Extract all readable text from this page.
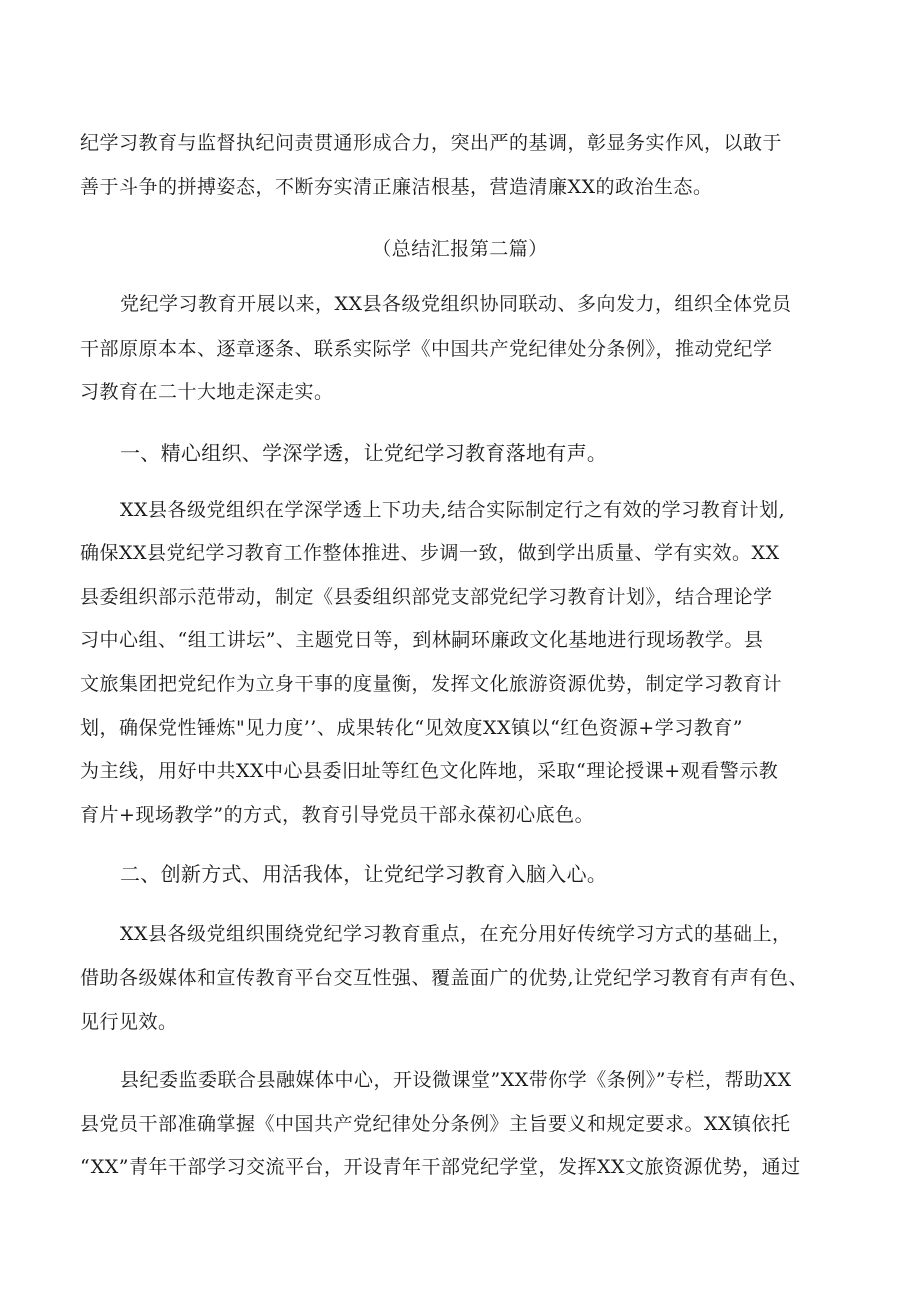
纪学习教育与监督执纪问责贯通形成合力，突出严的基调，彰显务实作风，以敢于
善于斗争的拼搏姿态，不断夯实清正廉洁根基，营造清廉XX的政治生态。
（总结汇报第二篇）
党纪学习教育开展以来，XX县各级党组织协同联动、多向发力，组织全体党员
干部原原本本、逐章逐条、联系实际学《中国共产党纪律处分条例》，推动党纪学
习教育在二十大地走深走实。
一、精心组织、学深学透，让党纪学习教育落地有声。
XX县各级党组织在学深学透上下功夫,结合实际制定行之有效的学习教育计划,
确保XX县党纪学习教育工作整体推进、步调一致，做到学出质量、学有实效。XX
县委组织部示范带动，制定《县委组织部党支部党纪学习教育计划》，结合理论学
习中心组、“组工讲坛”、主题党日等，到林嗣环廉政文化基地进行现场教学。县
文旅集团把党纪作为立身干事的度量衡，发挥文化旅游资源优势，制定学习教育计
划，确保党性锤炼"见力度’’、成果转化“见效度XX镇以“红色资源+学习教育”
为主线，用好中共XX中心县委旧址等红色文化阵地，采取“理论授课+观看警示教
育片+现场教学”的方式，教育引导党员干部永葆初心底色。
二、创新方式、用活我体，让党纪学习教育入脑入心。
XX县各级党组织围绕党纪学习教育重点，在充分用好传统学习方式的基础上，
借助各级媒体和宣传教育平台交互性强、覆盖面广的优势,让党纪学习教育有声有色、
见行见效。
县纪委监委联合县融媒体中心，开设微课堂”XX带你学《条例》”专栏，帮助XX
县党员干部准确掌握《中国共产党纪律处分条例》主旨要义和规定要求。XX镇依托
“XX”青年干部学习交流平台，开设青年干部党纪学堂，发挥XX文旅资源优势，通过
